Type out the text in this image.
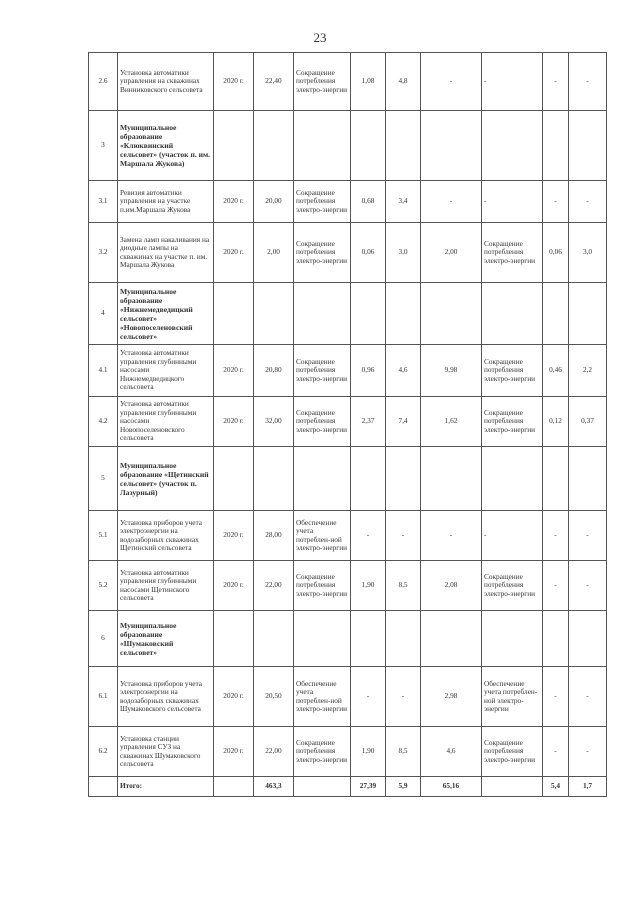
23
2.6	Установка автоматики управления на скважинах Винниковского сельсовета	2020 г.	22,40	Сокращение потребления электро-энергии	1,08	4,8	-	-	-	-
3	Муниципальное образование «Клюквинский сельсовет» (участок п. им. Маршала Жукова)									
3.1	Ревизия автоматики управления на участке п.им.Маршала Жукова	2020 г.	20,00	Сокращение потребления электро-энергии	0,68	3,4	-	-	-	-
3.2	Замена ламп накаливания на диодные лампы на скважинах на участке п. им. Маршала Жукова	2020 г.	2,00	Сокращение потребления электро-энергии	0,06	3,0	2,00	Сокращение потребления электро-энергии	0,06	3,0
4	Муниципальное образование «Нижнемедведицкий сельсовет» «Новопоселеновский сельсовет»									
4.1	Установка автоматики управления глубинными насосами Нижнемедведицкого сельсовета	2020 г.	20,80	Сокращение потребления электро-энергии	0,96	4,6	9,98	Сокращение потребления электро-энергии	0,46	2,2
4.2	Установка автоматики управления глубинными насосами Новопоселеновского сельсовета	2020 г.	32,00	Сокращение потребления электро-энергии	2,37	7,4	1,62	Сокращение потребления электро-энергии	0,12	0,37
5	Муниципальное образование «Щетинский сельсовет» (участок п. Лазурный)									
5.1	Установка приборов учета электроэнергии на водозаборных скважинах Щетинский сельсовета	2020 г.	28,00	Обеспечение учета потреблен-ной электро-энергии	-	-	-	-	-	-
5.2	Установка автоматики управления глубинными насосами Щетинского сельсовета	2020 г.	22,00	Сокращение потребления электро-энергии	1,90	8,5	2,08	Сокращение потребления электро-энергии	-	-
6	Муниципальное образование «Шумаковский сельсовет»									
6.1	Установка приборов учета электроэнергии на водозаборных скважинах Шумаковского сельсовета	2020 г.	20,50	Обеспечение учета потреблен-ной электро-энергии	-	-	2,98	Обеспечение учета потреблен-ной электро-энергии	-	-
6.2	Установка станции управления СУЗ на скважинах Шумаковского сельсовета	2020 г.	22,00	Сокращение потребления электро-энергии	1,90	8,5	4,6	Сокращение потребления электро-энергии	-	-
	Итого:		463,3		27,39	5,9	65,16		5,4	1,7
